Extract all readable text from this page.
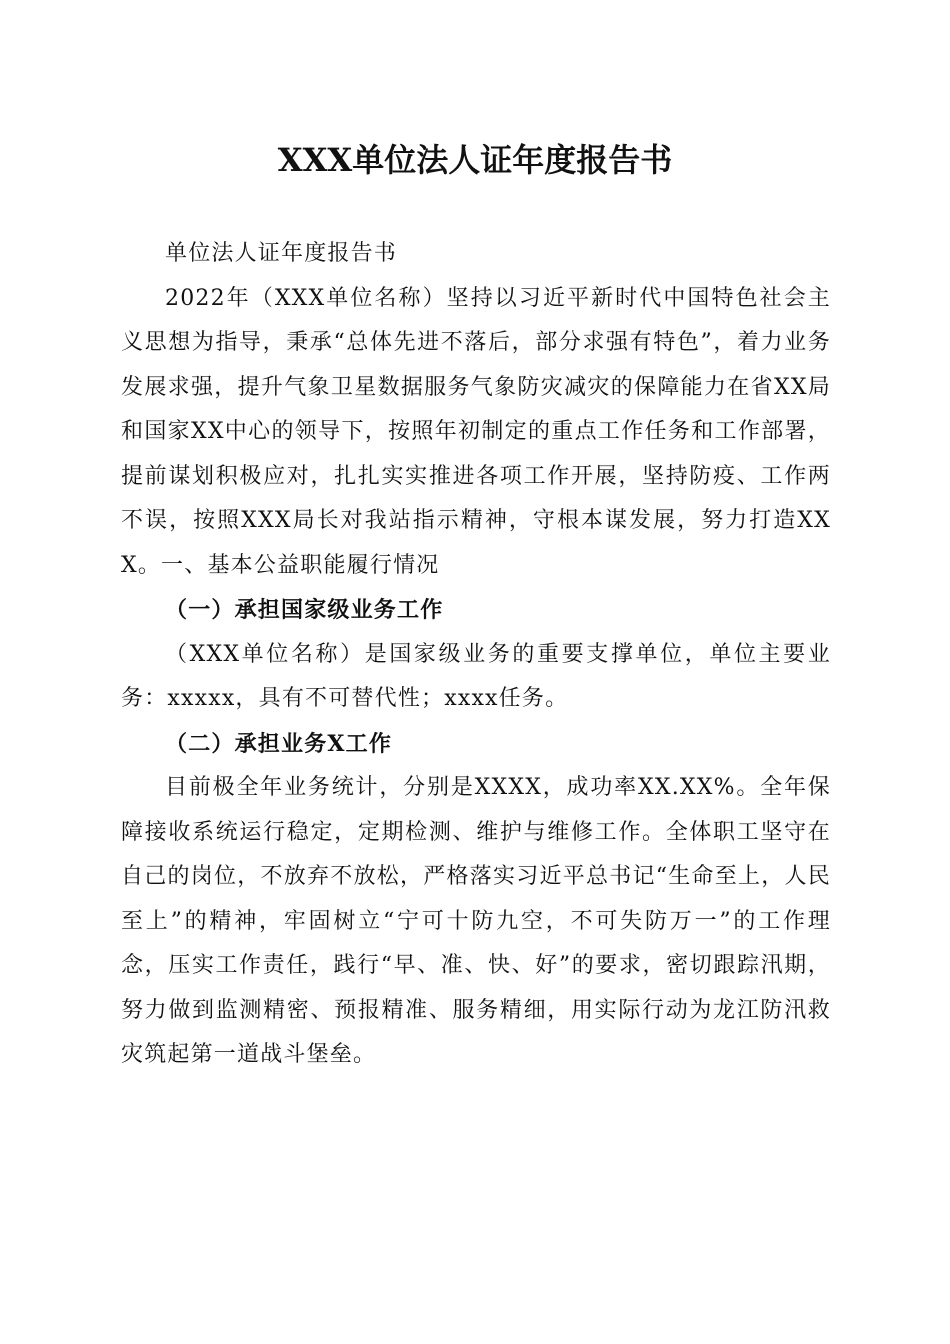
XXX单位法人证年度报告书

单位法人证年度报告书

2022年（XXX单位名称）坚持以习近平新时代中国特色社会主义思想为指导，秉承“总体先进不落后，部分求强有特色”，着力业务发展求强，提升气象卫星数据服务气象防灾减灾的保障能力在省XX局和国家XX中心的领导下，按照年初制定的重点工作任务和工作部署，提前谋划积极应对，扎扎实实推进各项工作开展，坚持防疫、工作两不误，按照XXX局长对我站指示精神，守根本谋发展，努力打造XXX。一、基本公益职能履行情况

（一）承担国家级业务工作

（XXX单位名称）是国家级业务的重要支撑单位，单位主要业务：xxxxx，具有不可替代性；xxxx任务。

（二）承担业务X工作

目前极全年业务统计，分别是XXXX，成功率XX.XX%。全年保障接收系统运行稳定，定期检测、维护与维修工作。全体职工坚守在自己的岗位，不放弃不放松，严格落实习近平总书记“生命至上，人民至上”的精神，牢固树立“宁可十防九空，不可失防万一”的工作理念，压实工作责任，践行“早、准、快、好”的要求，密切跟踪汛期，努力做到监测精密、预报精准、服务精细，用实际行动为龙江防汛救灾筑起第一道战斗堡垒。
